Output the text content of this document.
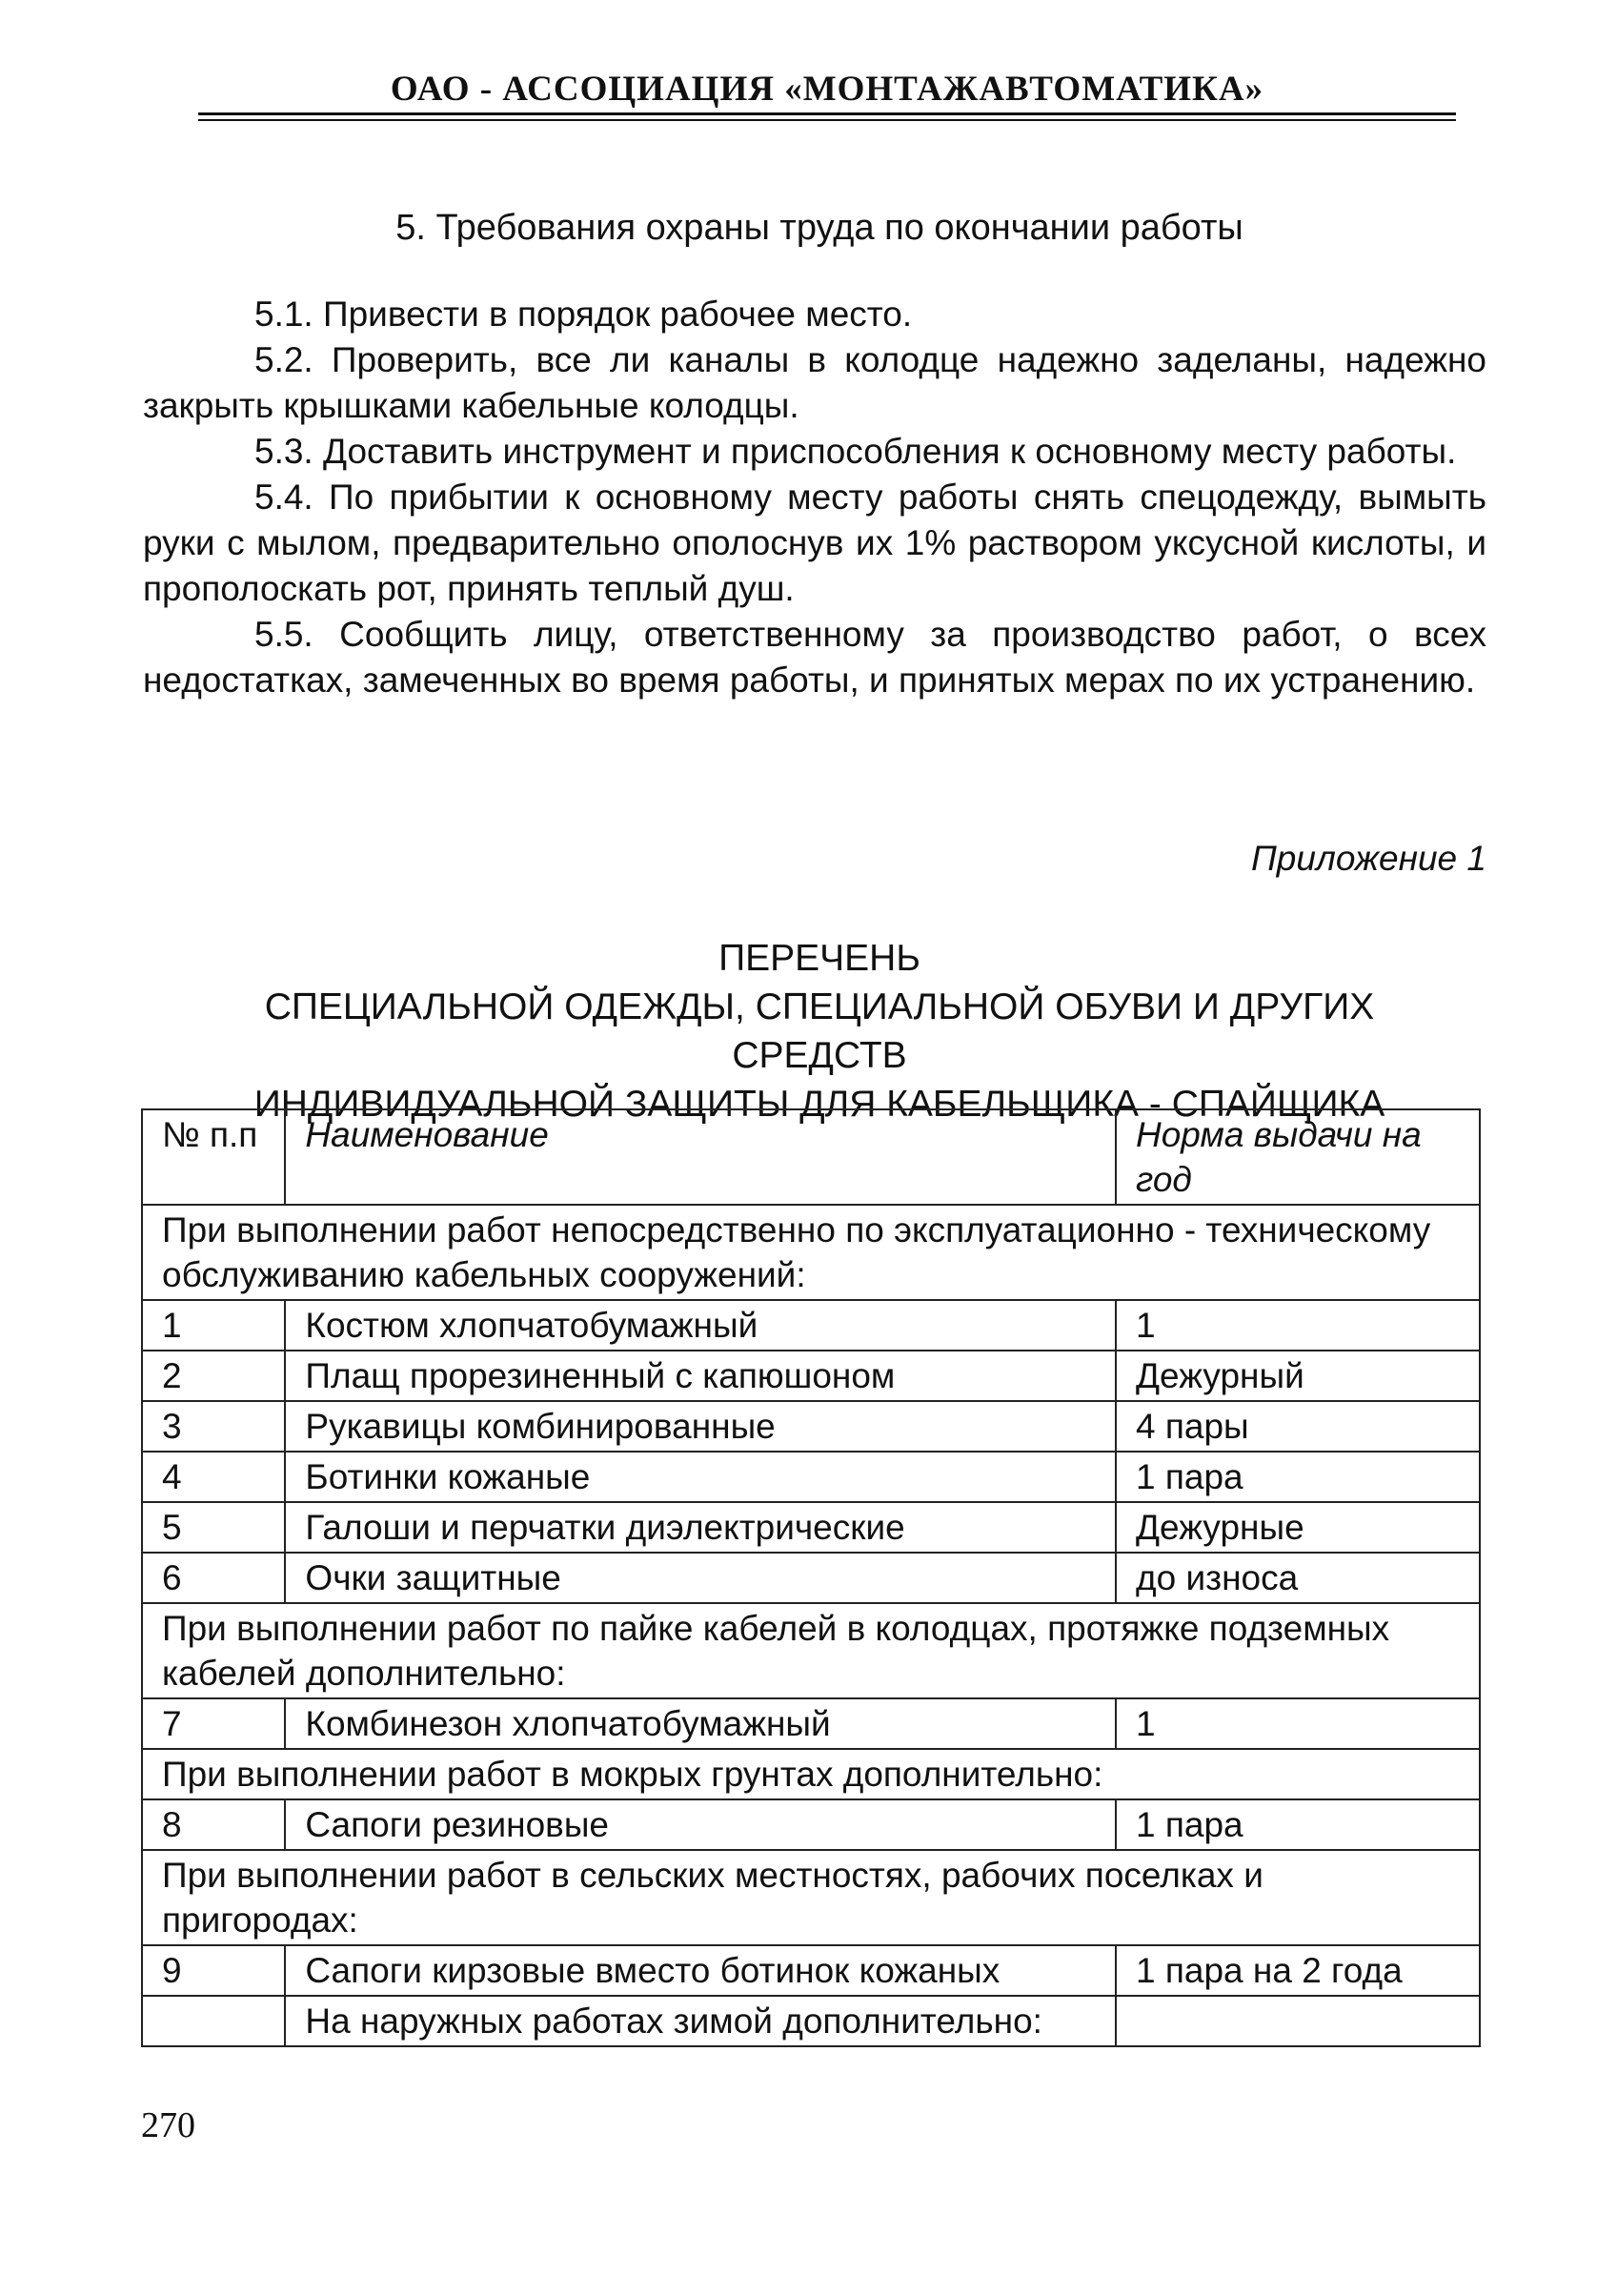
ОАО - АССОЦИАЦИЯ «МОНТАЖАВТОМАТИКА»
5. Требования охраны труда по окончании работы

5.1. Привести в порядок рабочее место.

5.2. Проверить, все ли каналы в колодце надежно заделаны, надежно закрыть крышками кабельные колодцы.

5.3. Доставить инструмент и приспособления к основному месту работы.

5.4. По прибытии к основному месту работы снять спецодежду, вымыть руки с мылом, предварительно ополоснув их 1% раствором уксусной кислоты, и прополоскать рот, принять теплый душ.

5.5. Сообщить лицу, ответственному за производство работ, о всех недостатках, замеченных во время работы, и принятых мерах по их устранению.

Приложение 1
ПЕРЕЧЕНЬ
СПЕЦИАЛЬНОЙ ОДЕЖДЫ, СПЕЦИАЛЬНОЙ ОБУВИ И ДРУГИХ
СРЕДСТВ
ИНДИВИДУАЛЬНОЙ ЗАЩИТЫ ДЛЯ КАБЕЛЬЩИКА - СПАЙЩИКА
№ п.п	Наименование	Норма выдачи на год
При выполнении работ непосредственно по эксплуатационно - техническому обслуживанию кабельных сооружений:		
1	Костюм хлопчатобумажный	1
2	Плащ прорезиненный с капюшоном	Дежурный
3	Рукавицы комбинированные	4 пары
4	Ботинки кожаные	1 пара
5	Галоши и перчатки диэлектрические	Дежурные
6	Очки защитные	до износа
При выполнении работ по пайке кабелей в колодцах, протяжке подземных кабелей дополнительно:		
7	Комбинезон хлопчатобумажный	1
При выполнении работ в мокрых грунтах дополнительно:		
8	Сапоги резиновые	1 пара
При выполнении работ в сельских местностях, рабочих поселках и пригородах:		
9	Сапоги кирзовые вместо ботинок кожаных	1 пара на 2 года
	На наружных работах зимой дополнительно:	
270
